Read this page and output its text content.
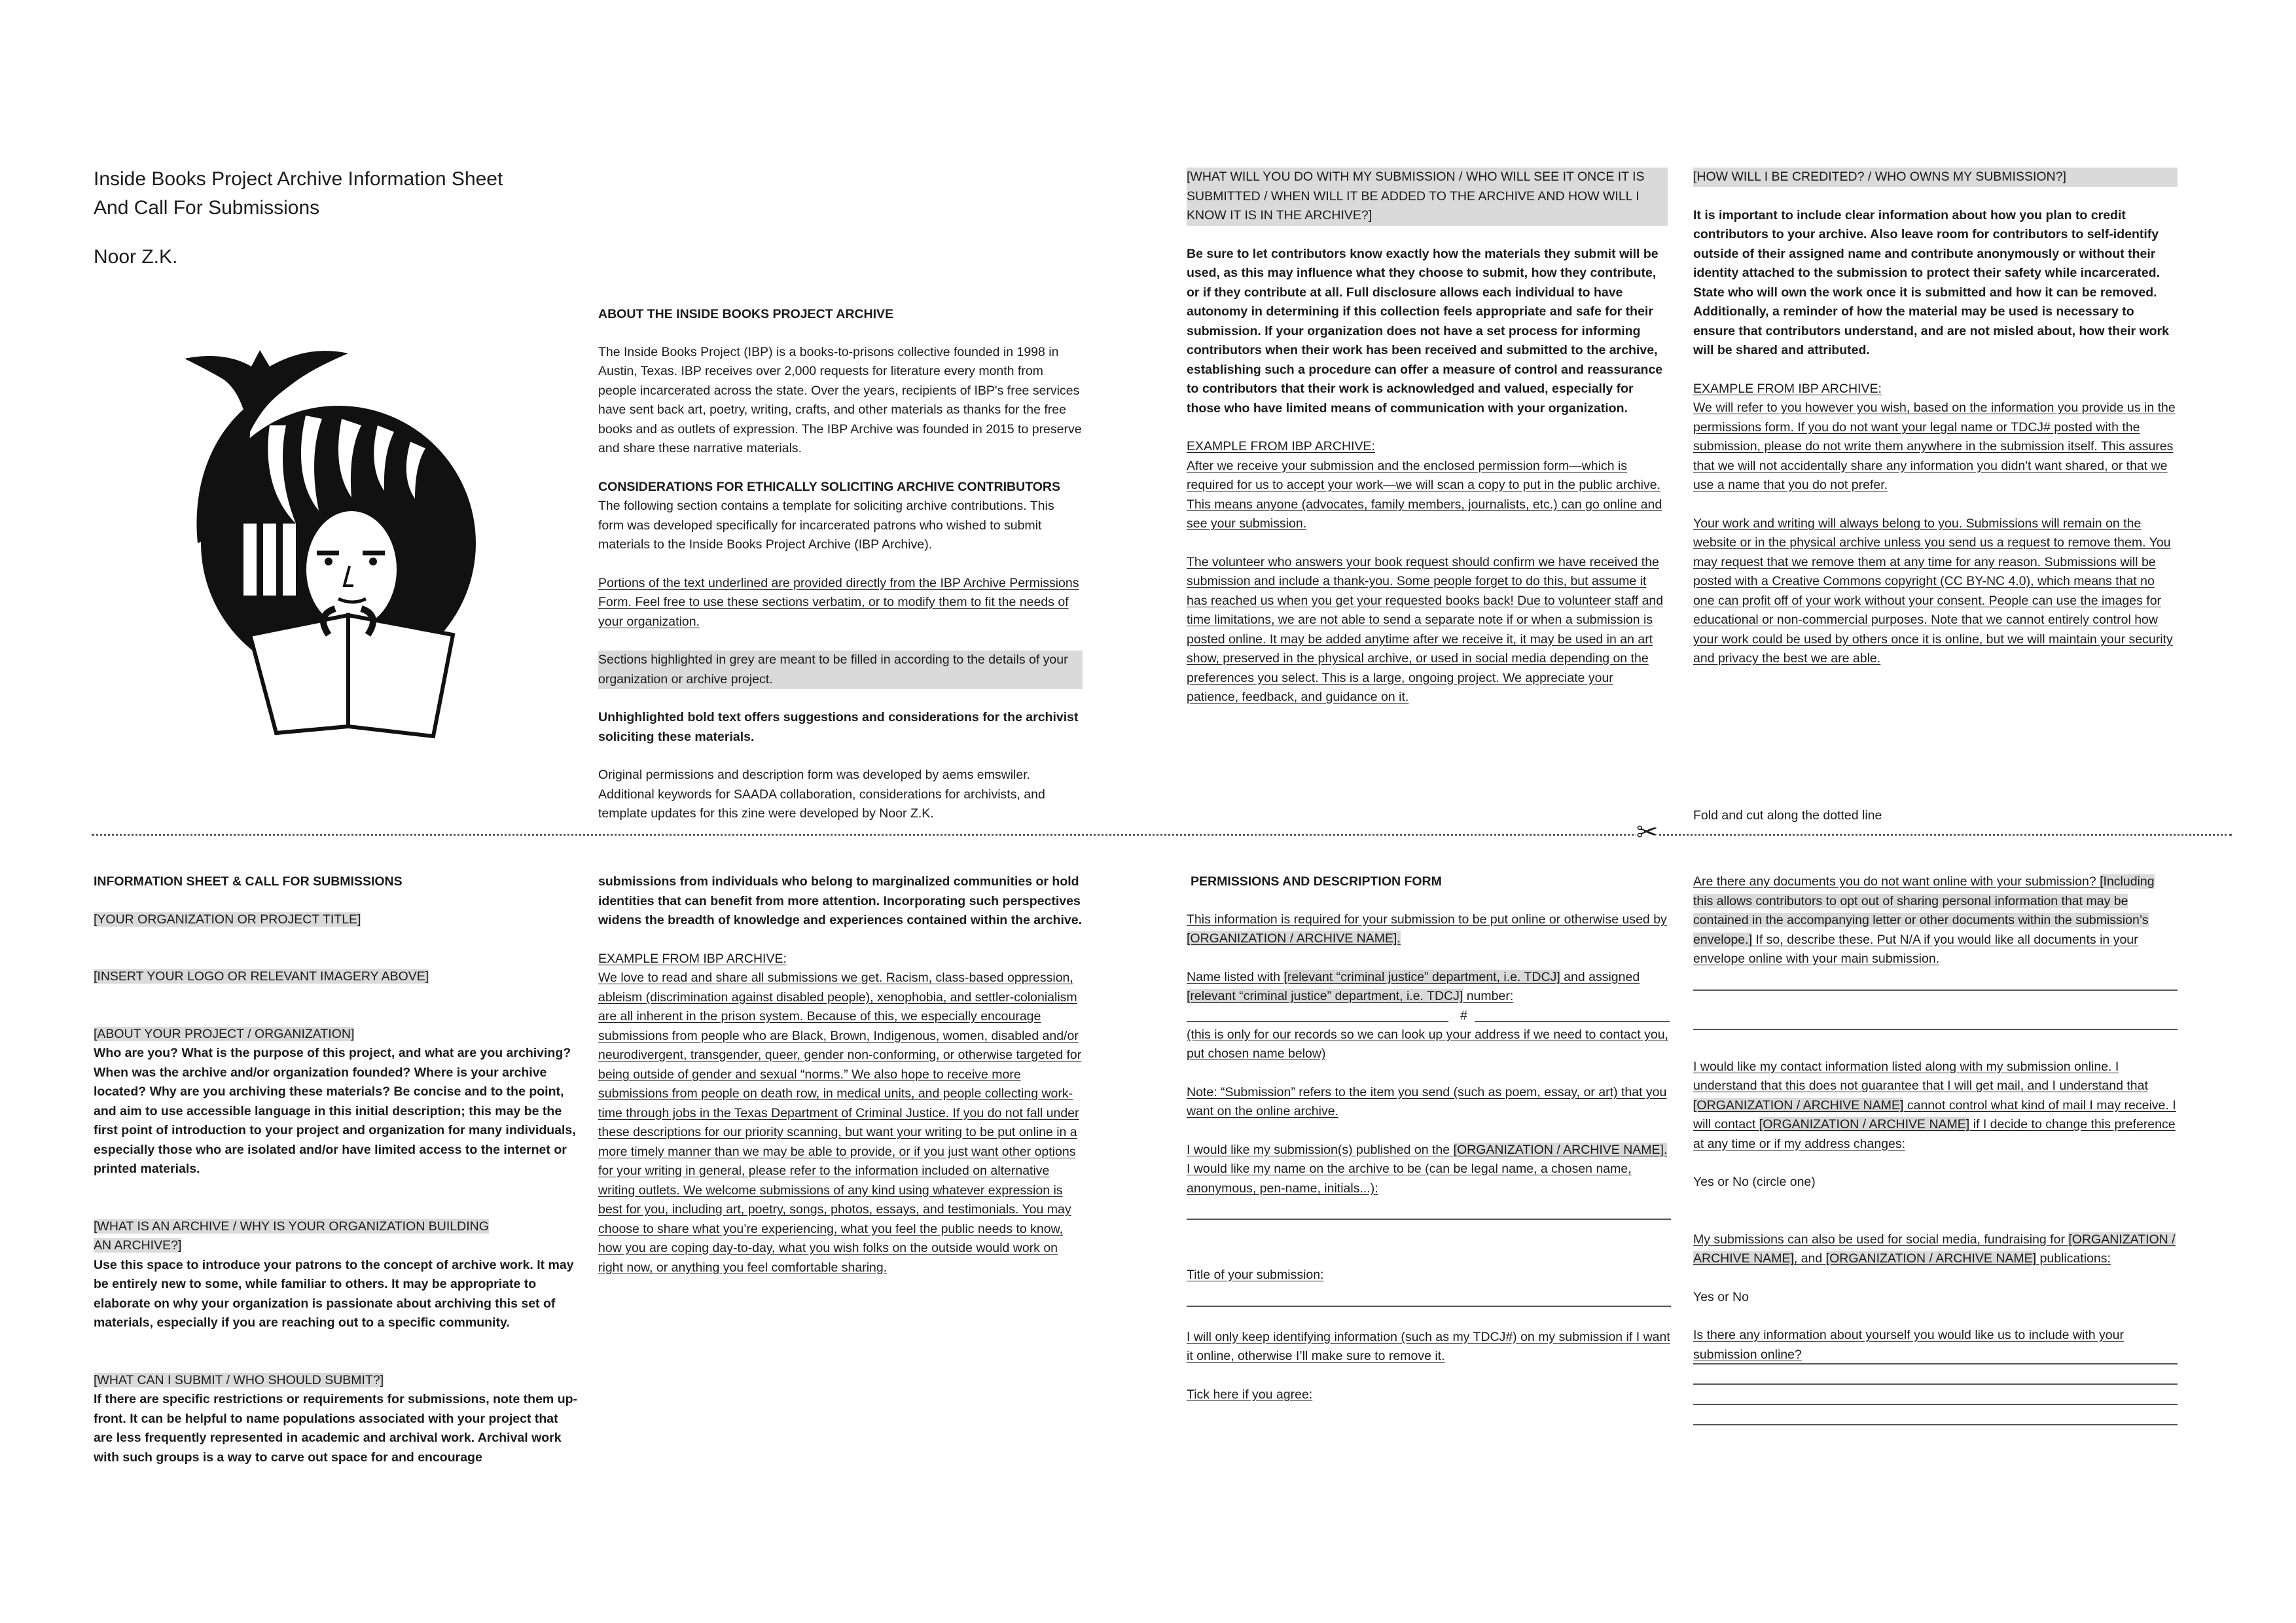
Inside Books Project Archive Information Sheet
And Call For Submissions
Noor Z.K.

ABOUT THE INSIDE BOOKS PROJECT ARCHIVE

The Inside Books Project (IBP) is a books-to-prisons collective founded in 1998 in Austin, Texas. IBP receives over 2,000 requests for literature every month from people incarcerated across the state. Over the years, recipients of IBP's free services have sent back art, poetry, writing, crafts, and other materials as thanks for the free books and as outlets of expression. The IBP Archive was founded in 2015 to preserve and share these narrative materials.

CONSIDERATIONS FOR ETHICALLY SOLICITING ARCHIVE CONTRIBUTORS

The following section contains a template for soliciting archive contributions. This form was developed specifically for incarcerated patrons who wished to submit materials to the Inside Books Project Archive (IBP Archive).

Portions of the text underlined are provided directly from the IBP Archive Permissions Form. Feel free to use these sections verbatim, or to modify them to fit the needs of your organization.

Sections highlighted in grey are meant to be filled in according to the details of your organization or archive project.

Unhighlighted bold text offers suggestions and considerations for the archivist soliciting these materials.

Original permissions and description form was developed by aems emswiler. Additional keywords for SAADA collaboration, considerations for archivists, and template updates for this zine were developed by Noor Z.K.

[WHAT WILL YOU DO WITH MY SUBMISSION / WHO WILL SEE IT ONCE IT IS SUBMITTED / WHEN WILL IT BE ADDED TO THE ARCHIVE AND HOW WILL I KNOW IT IS IN THE ARCHIVE?]

Be sure to let contributors know exactly how the materials they submit will be used, as this may influence what they choose to submit, how they contribute, or if they contribute at all. Full disclosure allows each individual to have autonomy in determining if this collection feels appropriate and safe for their submission. If your organization does not have a set process for informing contributors when their work has been received and submitted to the archive, establishing such a procedure can offer a measure of control and reassurance to contributors that their work is acknowledged and valued, especially for those who have limited means of communication with your organization.

EXAMPLE FROM IBP ARCHIVE:

After we receive your submission and the enclosed permission form—which is required for us to accept your work—we will scan a copy to put in the public archive. This means anyone (advocates, family members, journalists, etc.) can go online and see your submission.

The volunteer who answers your book request should confirm we have received the submission and include a thank-you. Some people forget to do this, but assume it has reached us when you get your requested books back! Due to volunteer staff and time limitations, we are not able to send a separate note if or when a submission is posted online. It may be added anytime after we receive it, it may be used in an art show, preserved in the physical archive, or used in social media depending on the preferences you select. This is a large, ongoing project. We appreciate your patience, feedback, and guidance on it.

[HOW WILL I BE CREDITED? / WHO OWNS MY SUBMISSION?]

It is important to include clear information about how you plan to credit contributors to your archive. Also leave room for contributors to self-identify outside of their assigned name and contribute anonymously or without their identity attached to the submission to protect their safety while incarcerated. State who will own the work once it is submitted and how it can be removed. Additionally, a reminder of how the material may be used is necessary to ensure that contributors understand, and are not misled about, how their work will be shared and attributed.

EXAMPLE FROM IBP ARCHIVE:

We will refer to you however you wish, based on the information you provide us in the permissions form. If you do not want your legal name or TDCJ# posted with the submission, please do not write them anywhere in the submission itself. This assures that we will not accidentally share any information you didn't want shared, or that we use a name that you do not prefer.

Your work and writing will always belong to you. Submissions will remain on the website or in the physical archive unless you send us a request to remove them. You may request that we remove them at any time for any reason. Submissions will be posted with a Creative Commons copyright (CC BY-NC 4.0), which means that no one can profit off of your work without your consent. People can use the images for educational or non-commercial purposes. Note that we cannot entirely control how your work could be used by others once it is online, but we will maintain your security and privacy the best we are able.

Fold and cut along the dotted line
✂

INFORMATION SHEET & CALL FOR SUBMISSIONS

[YOUR ORGANIZATION OR PROJECT TITLE]

[INSERT YOUR LOGO OR RELEVANT IMAGERY ABOVE]

[ABOUT YOUR PROJECT / ORGANIZATION]
Who are you? What is the purpose of this project, and what are you archiving? When was the archive and/or organization founded? Where is your archive located? Why are you archiving these materials? Be concise and to the point, and aim to use accessible language in this initial description; this may be the first point of introduction to your project and organization for many individuals, especially those who are isolated and/or have limited access to the internet or printed materials.

[WHAT IS AN ARCHIVE / WHY IS YOUR ORGANIZATION BUILDING
AN ARCHIVE?]
Use this space to introduce your patrons to the concept of archive work. It may be entirely new to some, while familiar to others. It may be appropriate to elaborate on why your organization is passionate about archiving this set of materials, especially if you are reaching out to a specific community.

[WHAT CAN I SUBMIT / WHO SHOULD SUBMIT?]
If there are specific restrictions or requirements for submissions, note them up-front. It can be helpful to name populations associated with your project that are less frequently represented in academic and archival work. Archival work with such groups is a way to carve out space for and encourage

submissions from individuals who belong to marginalized communities or hold identities that can benefit from more attention. Incorporating such perspectives widens the breadth of knowledge and experiences contained within the archive.

EXAMPLE FROM IBP ARCHIVE:

We love to read and share all submissions we get. Racism, class-based oppression, ableism (discrimination against disabled people), xenophobia, and settler-colonialism are all inherent in the prison system. Because of this, we especially encourage submissions from people who are Black, Brown, Indigenous, women, disabled and/or neurodivergent, transgender, queer, gender non-conforming, or otherwise targeted for being outside of gender and sexual “norms.” We also hope to receive more submissions from people on death row, in medical units, and people collecting work-time through jobs in the Texas Department of Criminal Justice. If you do not fall under these descriptions for our priority scanning, but want your writing to be put online in a more timely manner than we may be able to provide, or if you just want other options for your writing in general, please refer to the information included on alternative writing outlets. We welcome submissions of any kind using whatever expression is best for you, including art, poetry, songs, photos, essays, and testimonials. You may choose to share what you’re experiencing, what you feel the public needs to know, how you are coping day-to-day, what you wish folks on the outside would work on right now, or anything you feel comfortable sharing.

PERMISSIONS AND DESCRIPTION FORM

This information is required for your submission to be put online or otherwise used by [ORGANIZATION / ARCHIVE NAME].

Name listed with [relevant “criminal justice” department, i.e. TDCJ] and assigned [relevant “criminal justice” department, i.e. TDCJ] number:

#

(this is only for our records so we can look up your address if we need to contact you, put chosen name below)

Note: “Submission” refers to the item you send (such as poem, essay, or art) that you want on the online archive.

I would like my submission(s) published on the [ORGANIZATION / ARCHIVE NAME]. I would like my name on the archive to be (can be legal name, a chosen name, anonymous, pen-name, initials...):

Title of your submission:

I will only keep identifying information (such as my TDCJ#) on my submission if I want it online, otherwise I’ll make sure to remove it.

Tick here if you agree:

Are there any documents you do not want online with your submission? [Including this allows contributors to opt out of sharing personal information that may be contained in the accompanying letter or other documents within the submission’s envelope.] If so, describe these. Put N/A if you would like all documents in your envelope online with your main submission.

I would like my contact information listed along with my submission online. I understand that this does not guarantee that I will get mail, and I understand that [ORGANIZATION / ARCHIVE NAME] cannot control what kind of mail I may receive. I will contact [ORGANIZATION / ARCHIVE NAME] if I decide to change this preference at any time or if my address changes:

Yes or No (circle one)

My submissions can also be used for social media, fundraising for [ORGANIZATION / ARCHIVE NAME], and [ORGANIZATION / ARCHIVE NAME] publications:

Yes or No

Is there any information about yourself you would like us to include with your submission online?
